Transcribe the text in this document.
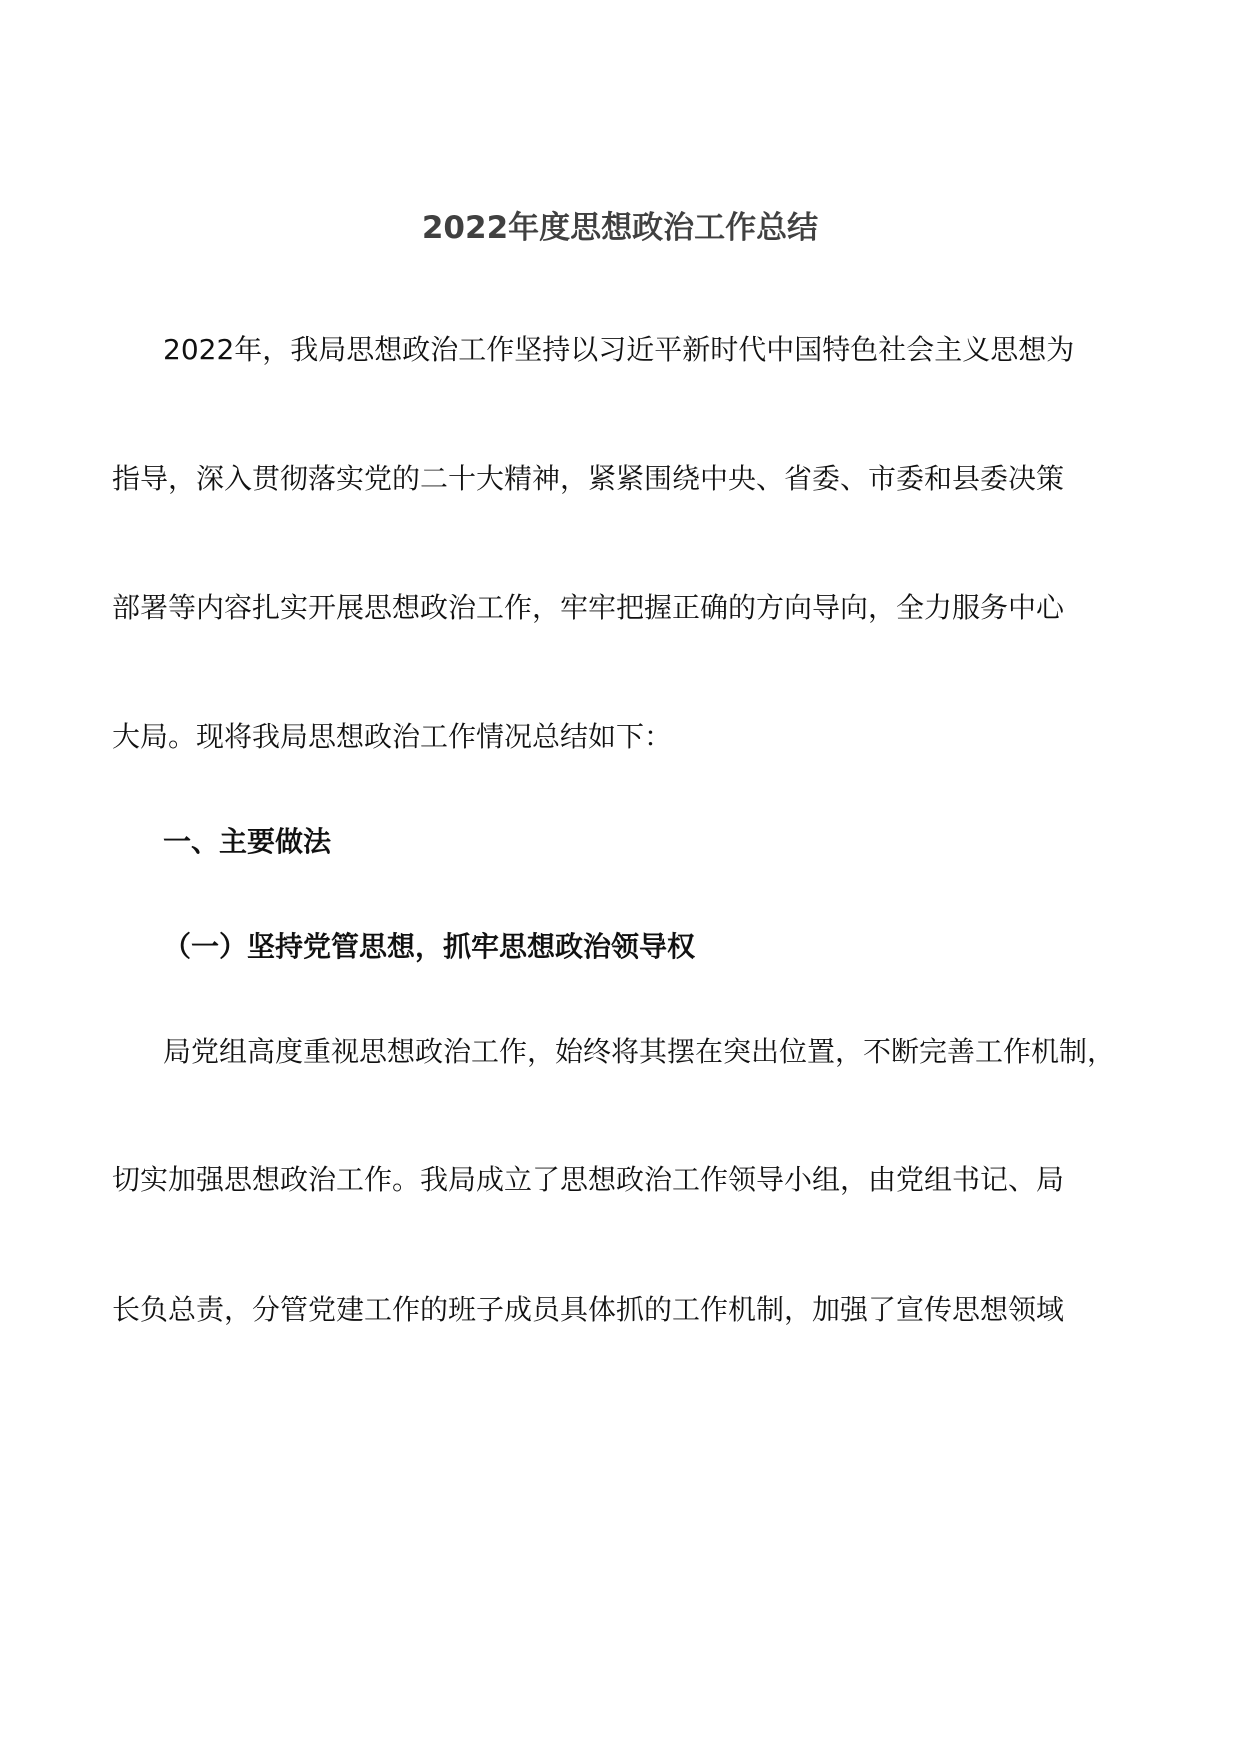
2022年度思想政治工作总结
2022年，我局思想政治工作坚持以习近平新时代中国特色社会主义思想为
指导，深入贯彻落实党的二十大精神，紧紧围绕中央、省委、市委和县委决策
部署等内容扎实开展思想政治工作，牢牢把握正确的方向导向，全力服务中心
大局。现将我局思想政治工作情况总结如下：
一、主要做法
（一）坚持党管思想，抓牢思想政治领导权
局党组高度重视思想政治工作，始终将其摆在突出位置，不断完善工作机制，
切实加强思想政治工作。我局成立了思想政治工作领导小组，由党组书记、局
长负总责，分管党建工作的班子成员具体抓的工作机制，加强了宣传思想领域
